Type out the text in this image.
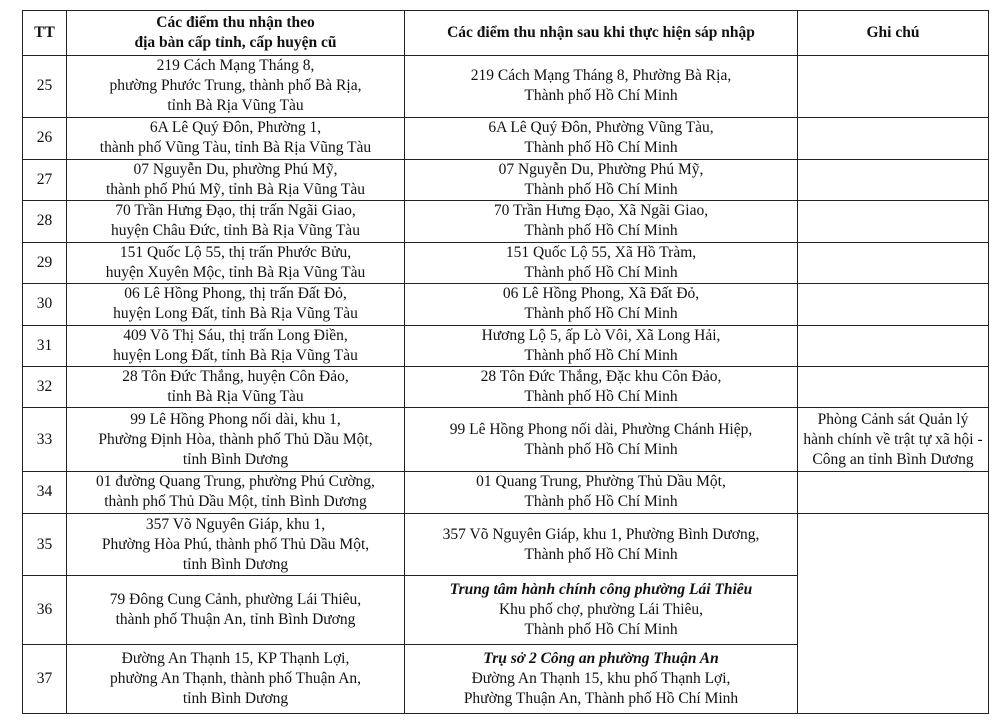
TT	Các điểm thu nhận theo
địa bàn cấp tỉnh, cấp huyện cũ	Các điểm thu nhận sau khi thực hiện sáp nhập	Ghi chú

25	219 Cách Mạng Tháng 8,
phường Phước Trung, thành phố Bà Rịa,
tỉnh Bà Rịa Vũng Tàu	219 Cách Mạng Tháng 8, Phường Bà Rịa,
Thành phố Hồ Chí Minh	

26	6A Lê Quý Đôn, Phường 1,
thành phố Vũng Tàu, tỉnh Bà Rịa Vũng Tàu	6A Lê Quý Đôn, Phường Vũng Tàu,
Thành phố Hồ Chí Minh	

27	07 Nguyễn Du, phường Phú Mỹ,
thành phố Phú Mỹ, tỉnh Bà Rịa Vũng Tàu	07 Nguyễn Du, Phường Phú Mỹ,
Thành phố Hồ Chí Minh	

28	70 Trần Hưng Đạo, thị trấn Ngãi Giao,
huyện Châu Đức, tỉnh Bà Rịa Vũng Tàu	70 Trần Hưng Đạo, Xã Ngãi Giao,
Thành phố Hồ Chí Minh	

29	151 Quốc Lộ 55, thị trấn Phước Bửu,
huyện Xuyên Mộc, tỉnh Bà Rịa Vũng Tàu	151 Quốc Lộ 55, Xã Hồ Tràm,
Thành phố Hồ Chí Minh	

30	06 Lê Hồng Phong, thị trấn Đất Đỏ,
huyện Long Đất, tỉnh Bà Rịa Vũng Tàu	06 Lê Hồng Phong, Xã Đất Đỏ,
Thành phố Hồ Chí Minh	

31	409 Võ Thị Sáu, thị trấn Long Điền,
huyện Long Đất, tỉnh Bà Rịa Vũng Tàu	Hương Lộ 5, ấp Lò Vôi, Xã Long Hải,
Thành phố Hồ Chí Minh	

32	28 Tôn Đức Thắng, huyện Côn Đảo,
tỉnh Bà Rịa Vũng Tàu	28 Tôn Đức Thắng, Đặc khu Côn Đảo,
Thành phố Hồ Chí Minh	

33	99 Lê Hồng Phong nối dài, khu 1,
Phường Định Hòa, thành phố Thủ Dầu Một,
tỉnh Bình Dương	99 Lê Hồng Phong nối dài, Phường Chánh Hiệp,
Thành phố Hồ Chí Minh	Phòng Cảnh sát Quản lý
hành chính về trật tự xã hội -
Công an tỉnh Bình Dương

34	01 đường Quang Trung, phường Phú Cường,
thành phố Thủ Dầu Một, tỉnh Bình Dương	01 Quang Trung, Phường Thủ Dầu Một,
Thành phố Hồ Chí Minh	

35	357 Võ Nguyên Giáp, khu 1,
Phường Hòa Phú, thành phố Thủ Dầu Một,
tỉnh Bình Dương	357 Võ Nguyên Giáp, khu 1, Phường Bình Dương,
Thành phố Hồ Chí Minh	

36	79 Đông Cung Cảnh, phường Lái Thiêu,
thành phố Thuận An, tỉnh Bình Dương	Trung tâm hành chính công phường Lái Thiêu
Khu phố chợ, phường Lái Thiêu,
Thành phố Hồ Chí Minh	

37	Đường An Thạnh 15, KP Thạnh Lợi,
phường An Thạnh, thành phố Thuận An,
tỉnh Bình Dương	Trụ sở 2 Công an phường Thuận An
Đường An Thạnh 15, khu phố Thạnh Lợi,
Phường Thuận An, Thành phố Hồ Chí Minh	
